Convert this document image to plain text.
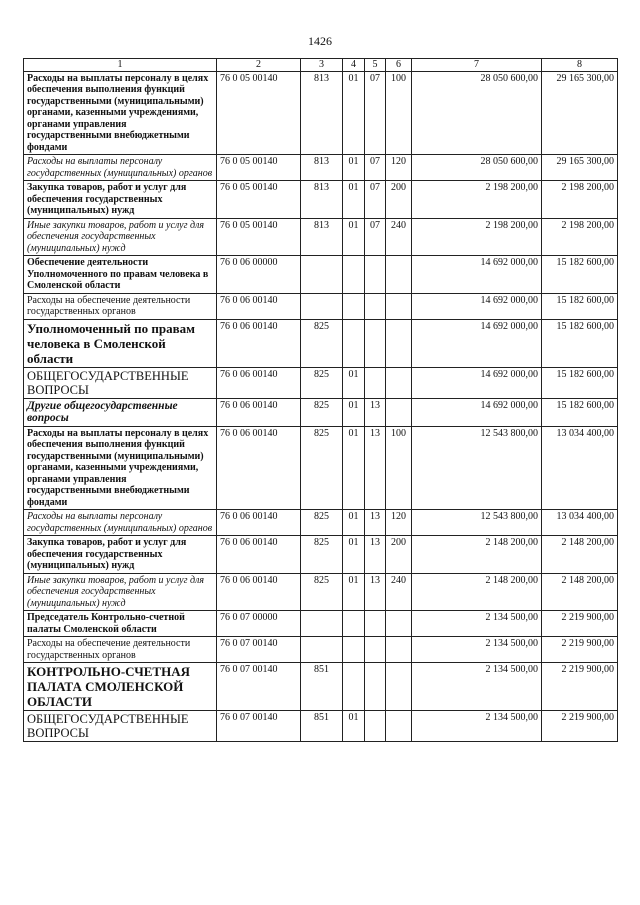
1426
1	2	3	4	5	6	7	8
Расходы на выплаты персоналу в целях обеспечения выполнения функций государственными (муниципальными) органами, казенными учреждениями, органами управления государственными внебюджетными фондами	76 0 05 00140	813	01	07	100	28 050 600,00	29 165 300,00
Расходы на выплаты персоналу государственных (муниципальных) органов	76 0 05 00140	813	01	07	120	28 050 600,00	29 165 300,00
Закупка товаров, работ и услуг для обеспечения государственных (муниципальных) нужд	76 0 05 00140	813	01	07	200	2 198 200,00	2 198 200,00
Иные закупки товаров, работ и услуг для обеспечения государственных (муниципальных) нужд	76 0 05 00140	813	01	07	240	2 198 200,00	2 198 200,00
Обеспечение деятельности Уполномоченного по правам человека в Смоленской области	76 0 06 00000					14 692 000,00	15 182 600,00
Расходы на обеспечение деятельности государственных органов	76 0 06 00140					14 692 000,00	15 182 600,00
Уполномоченный по правам человека в Смоленской области	76 0 06 00140	825				14 692 000,00	15 182 600,00
ОБЩЕГОСУДАРСТВЕННЫЕ ВОПРОСЫ	76 0 06 00140	825	01			14 692 000,00	15 182 600,00
Другие общегосударственные вопросы	76 0 06 00140	825	01	13		14 692 000,00	15 182 600,00
Расходы на выплаты персоналу в целях обеспечения выполнения функций государственными (муниципальными) органами, казенными учреждениями, органами управления государственными внебюджетными фондами	76 0 06 00140	825	01	13	100	12 543 800,00	13 034 400,00
Расходы на выплаты персоналу государственных (муниципальных) органов	76 0 06 00140	825	01	13	120	12 543 800,00	13 034 400,00
Закупка товаров, работ и услуг для обеспечения государственных (муниципальных) нужд	76 0 06 00140	825	01	13	200	2 148 200,00	2 148 200,00
Иные закупки товаров, работ и услуг для обеспечения государственных (муниципальных) нужд	76 0 06 00140	825	01	13	240	2 148 200,00	2 148 200,00
Председатель Контрольно-счетной палаты Смоленской области	76 0 07 00000					2 134 500,00	2 219 900,00
Расходы на обеспечение деятельности государственных органов	76 0 07 00140					2 134 500,00	2 219 900,00
КОНТРОЛЬНО-СЧЕТНАЯ ПАЛАТА СМОЛЕНСКОЙ ОБЛАСТИ	76 0 07 00140	851				2 134 500,00	2 219 900,00
ОБЩЕГОСУДАРСТВЕННЫЕ ВОПРОСЫ	76 0 07 00140	851	01			2 134 500,00	2 219 900,00
